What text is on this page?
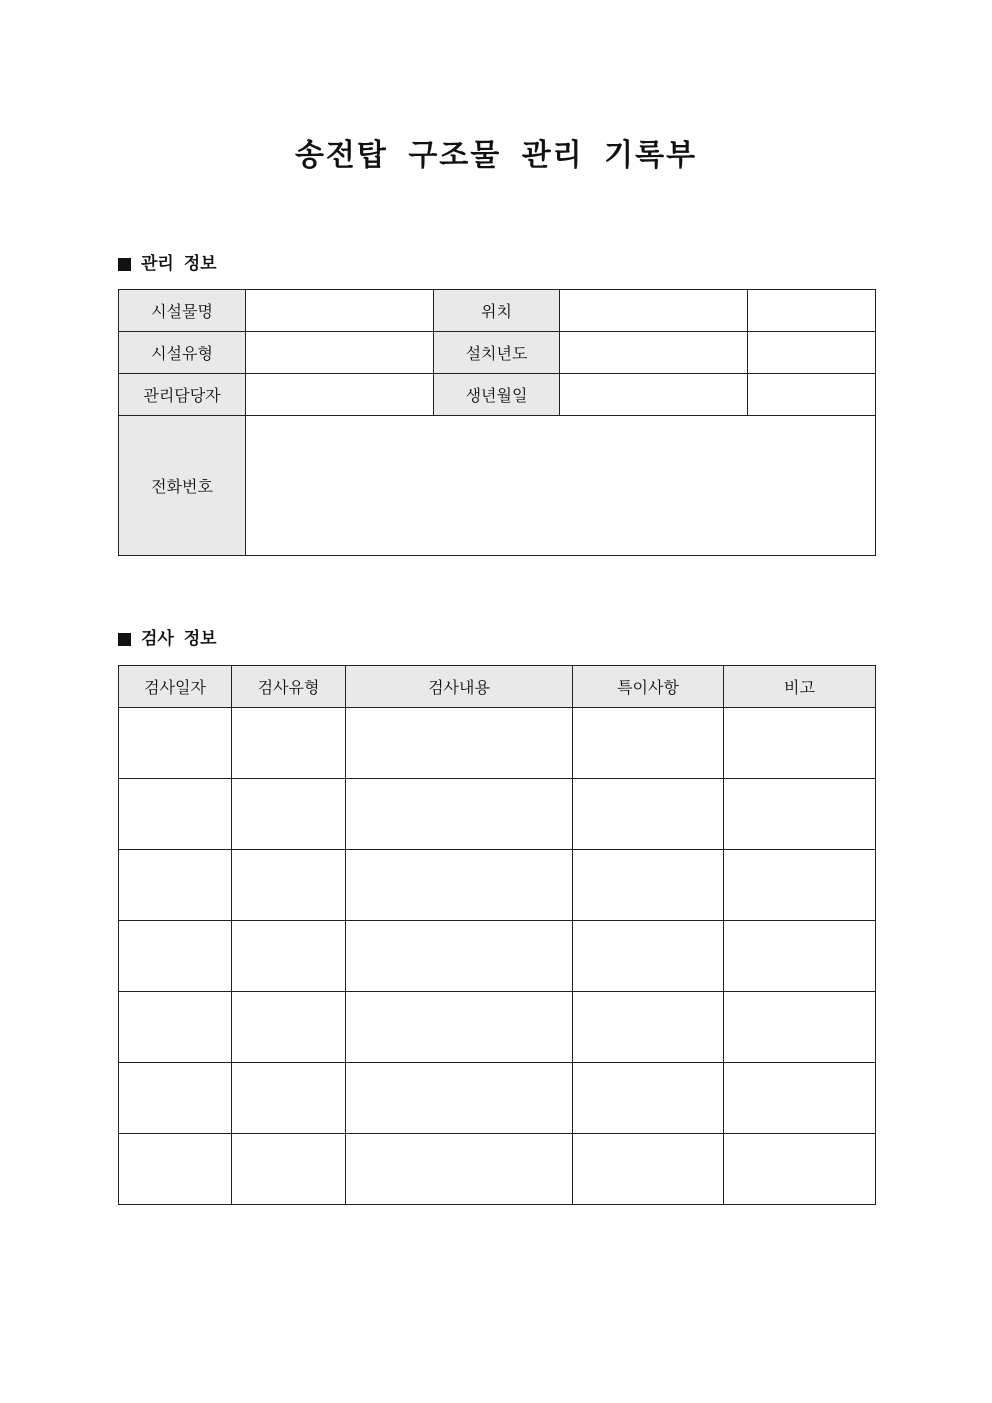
송전탑 구조물 관리 기록부
관리 정보
시설물명		위치		
시설유형		설치년도		
관리담당자		생년월일		
전화번호				
검사 정보
검사일자	검사유형	검사내용	특이사항	비고
